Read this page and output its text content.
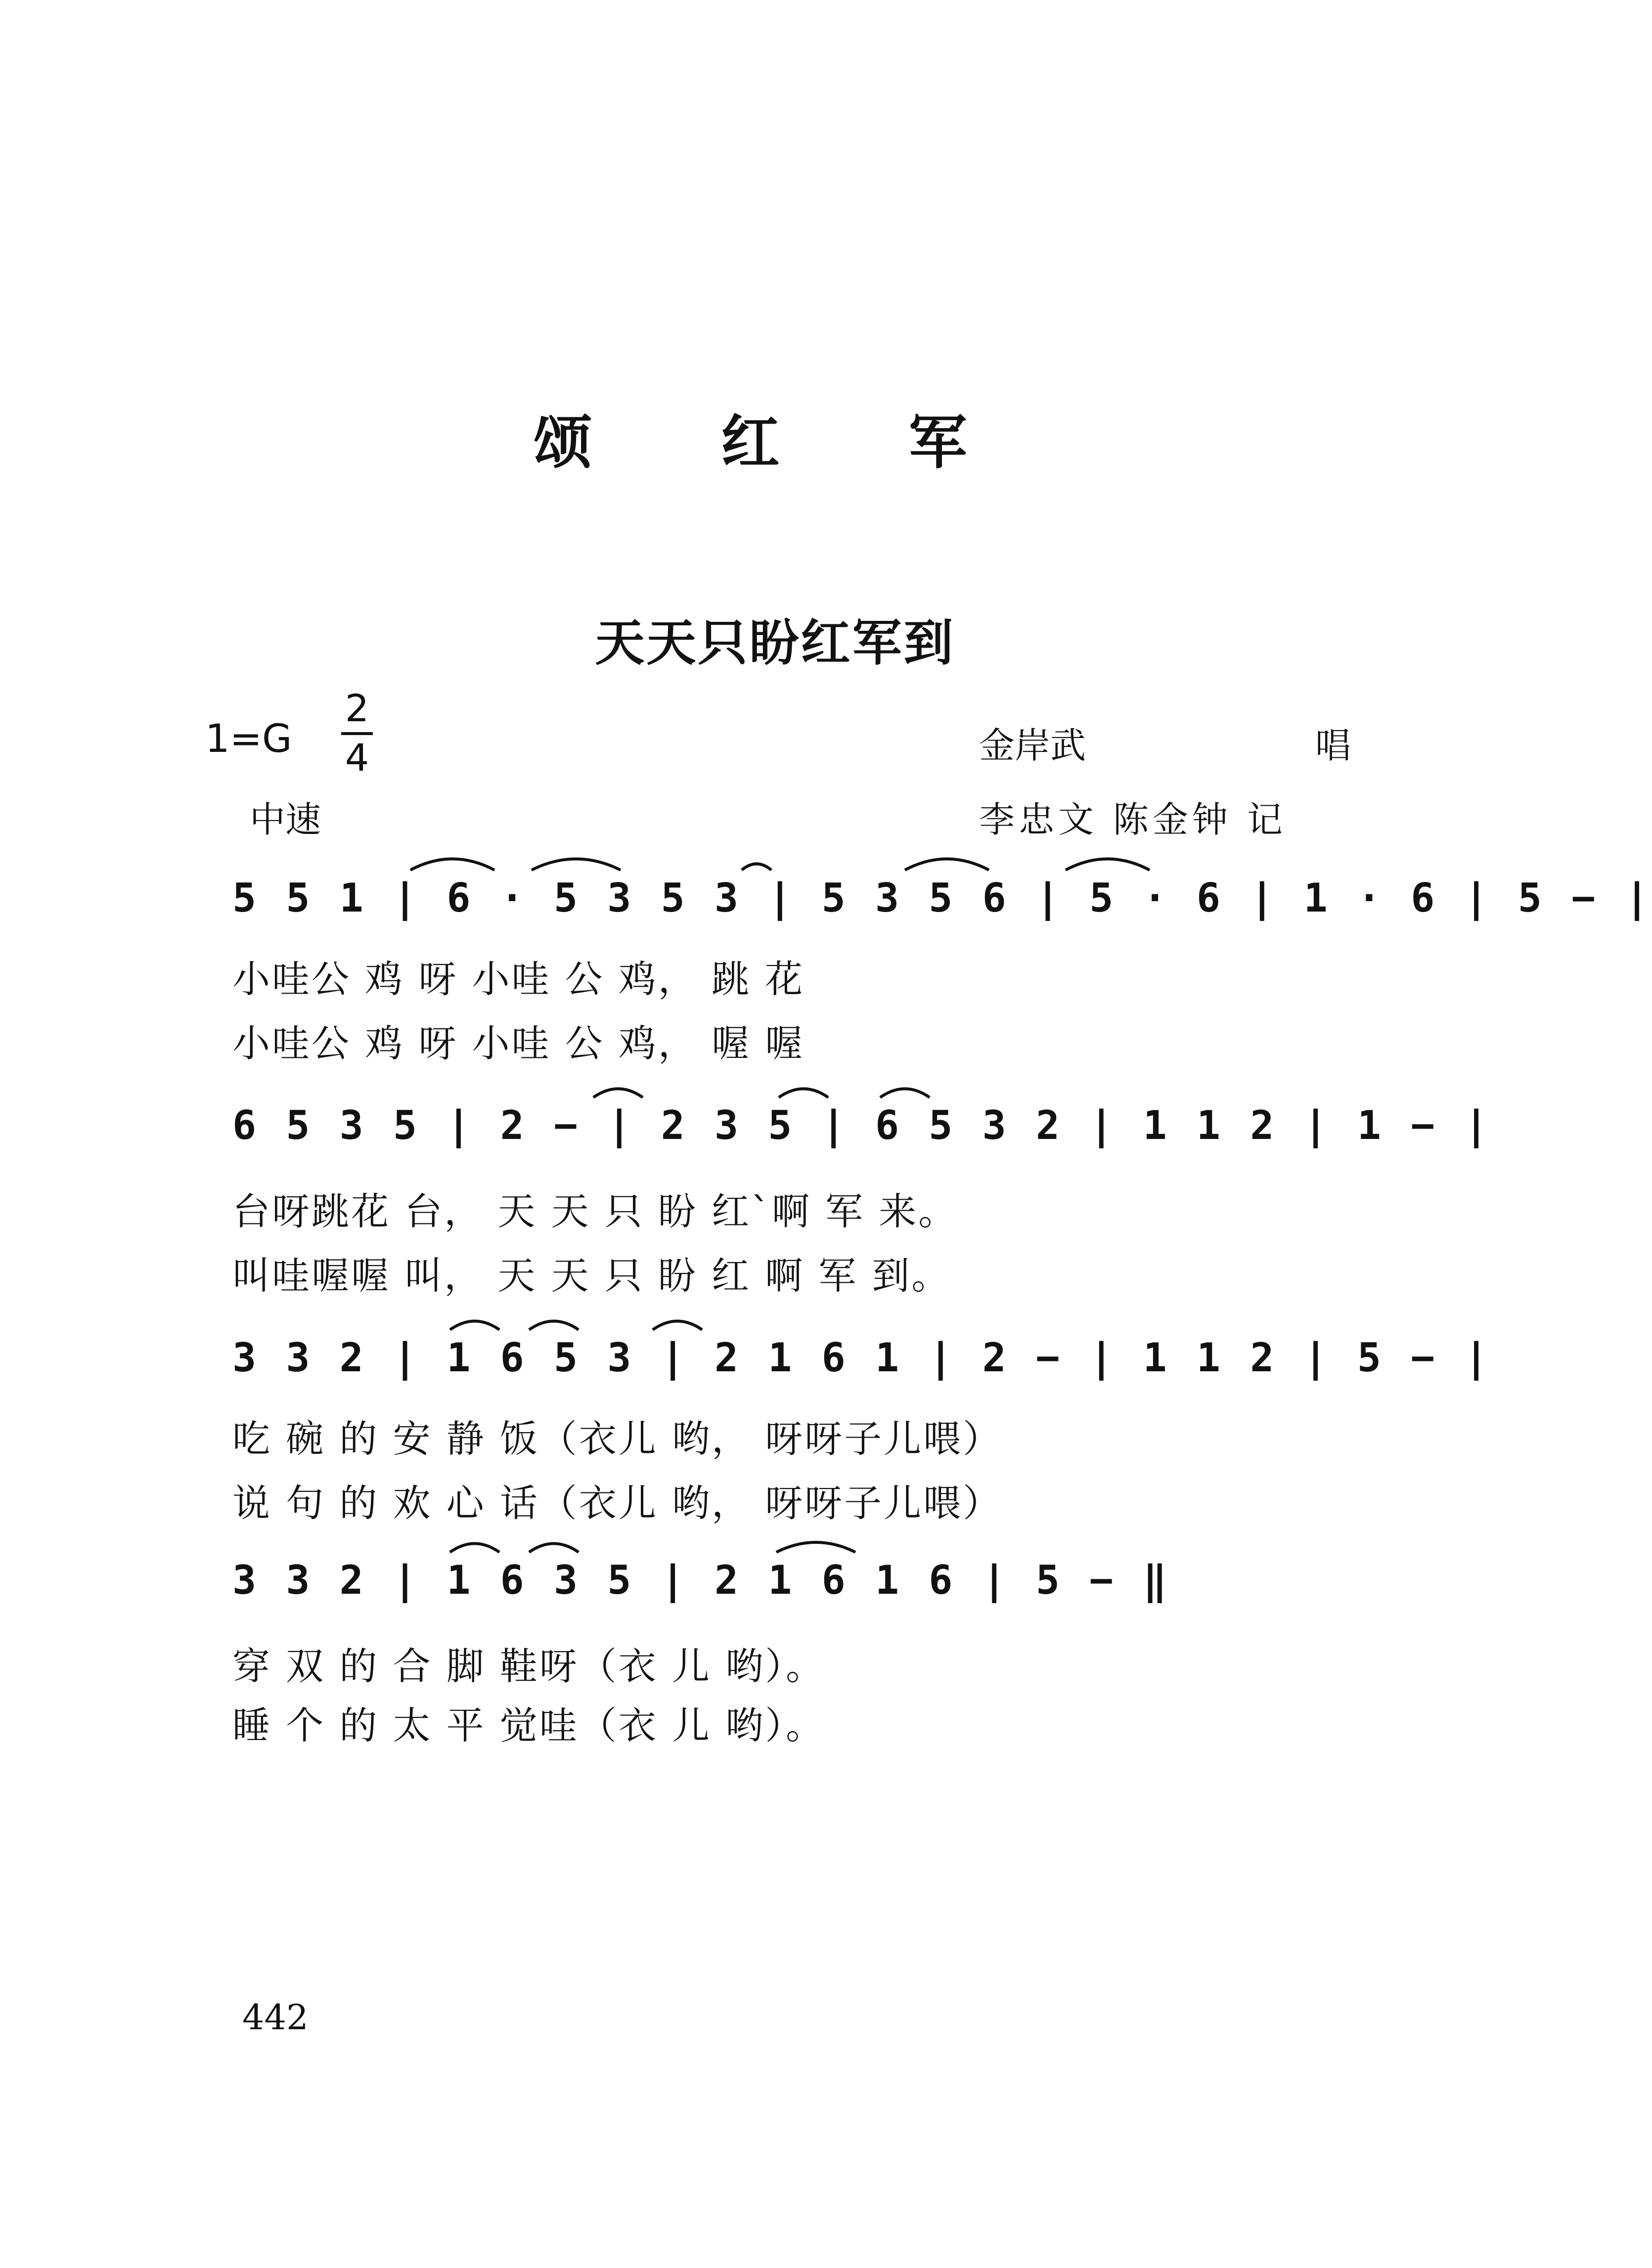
颂 红 军
天天只盼红军到
$1=G \frac{2}{4}$
中速
金岸武	唱
李忠文 陈金钟 记
5 5 1 | 6 · 5 3 5 3 | 5 3 5 6 | 5 · 6 | 1 · 6 | 5 − |
小哇公 鸡 呀 小哇 公 鸡， 跳 花
小哇公 鸡 呀 小哇 公 鸡， 喔 喔
6 5 3 5 | 2 − | 2 3 5 | 6 5 3 2 | 1 1 2 | 1 − |
台呀跳花 台， 天 天 只 盼 红`啊 军 来。
叫哇喔喔 叫， 天 天 只 盼 红 啊 军 到。
3 3 2 | 1 6 5 3 | 2 1 6 1 | 2 − | 1 1 2 | 5 − |
吃 碗 的 安 静 饭（衣儿 哟， 呀呀子儿喂）
说 句 的 欢 心 话（衣儿 哟， 呀呀子儿喂）
3 3 2 | 1 6 3 5 | 2 1 6 1 6 | 5 − ‖
穿 双 的 合 脚 鞋呀（衣 儿 哟）。
睡 个 的 太 平 觉哇（衣 儿 哟）。
442
